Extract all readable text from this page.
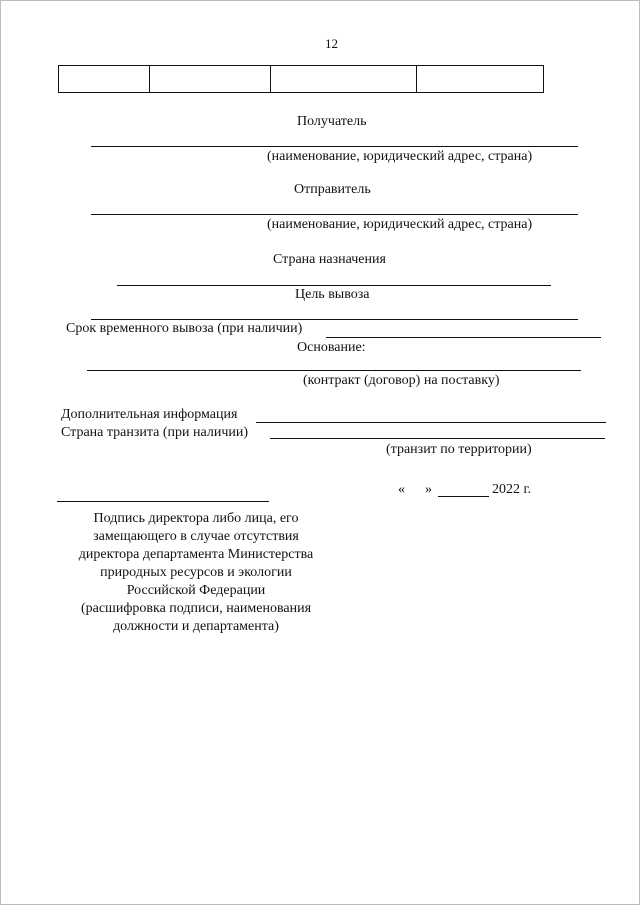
12
Получатель
(наименование, юридический адрес, страна)
Отправитель
(наименование, юридический адрес, страна)
Страна назначения
Цель вывоза
Срок временного вывоза (при наличии)
Основание:
(контракт (договор) на поставку)
Дополнительная информация
Страна транзита (при наличии)
(транзит по территории)
« »	2022 г.
Подпись директора либо лица, его
замещающего в случае отсутствия
директора департамента Министерства
природных ресурсов и экологии
Российской Федерации
(расшифровка подписи, наименования
должности и департамента)
